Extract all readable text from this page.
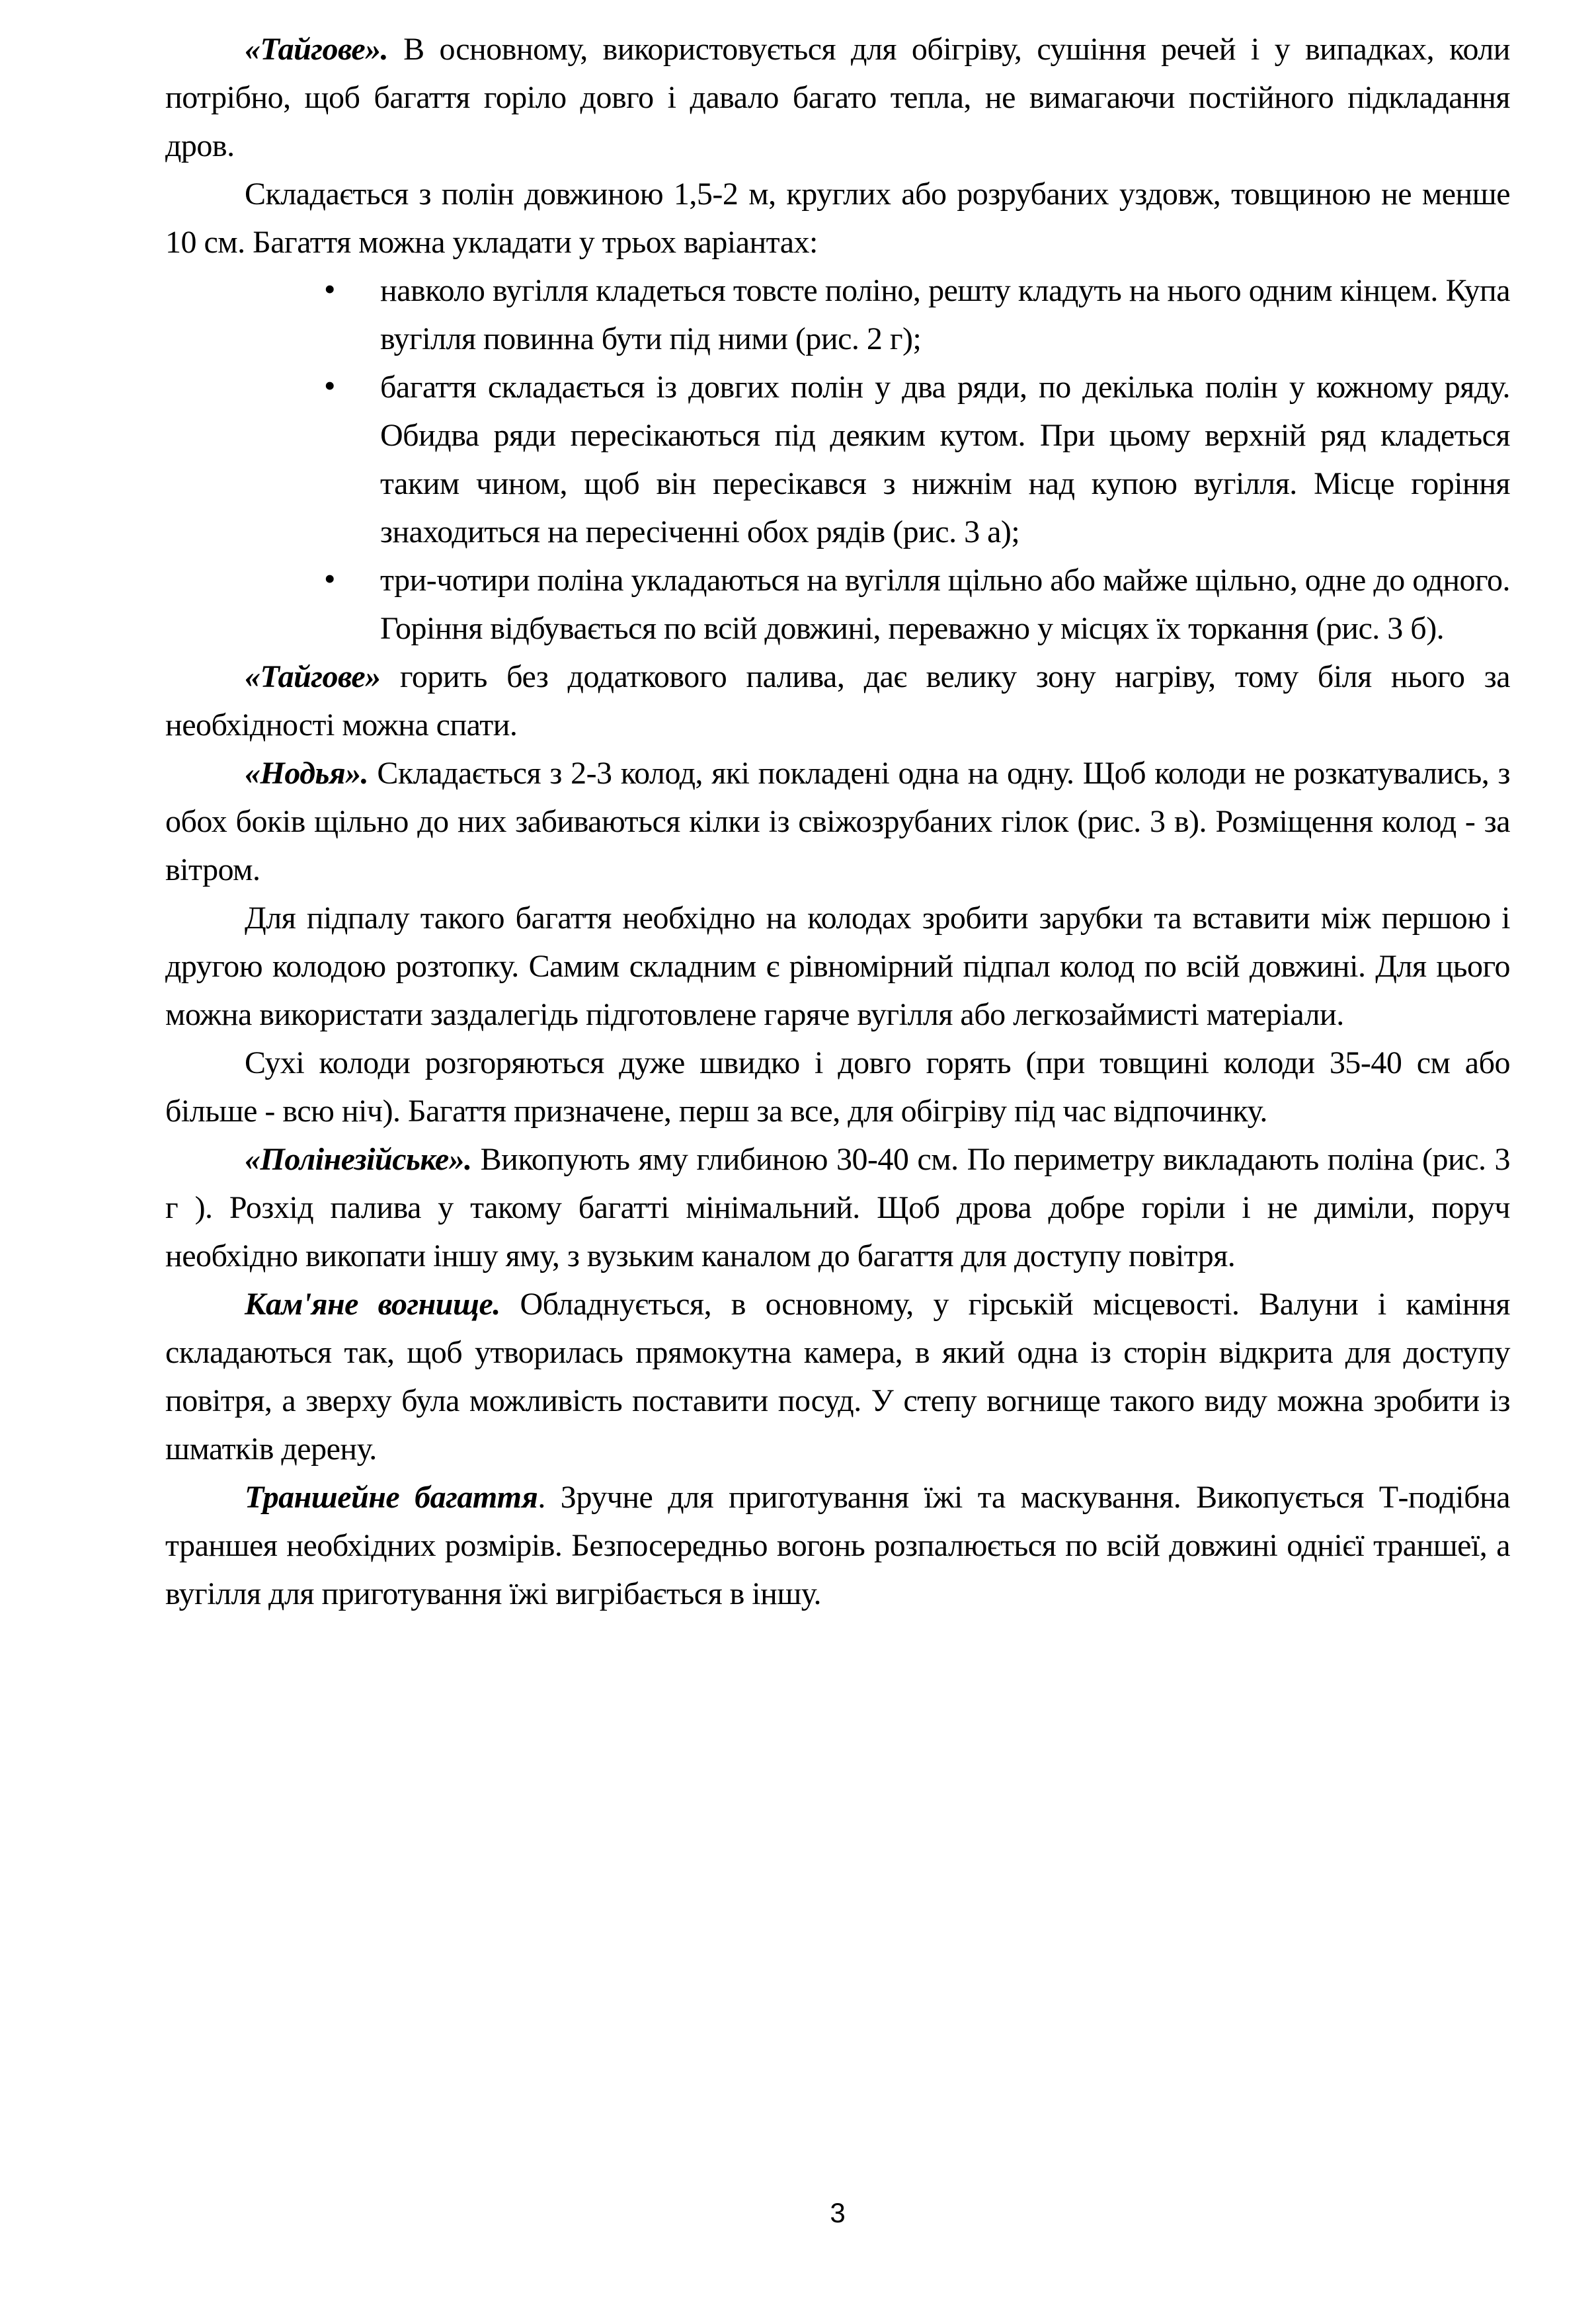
«Тайгове». В основному, використовується для обігріву, сушіння речей і у випадках, коли потрібно, щоб багаття горіло довго і давало багато тепла, не вимагаючи постійного підкладання дров.

Складається з полін довжиною 1,5-2 м, круглих або розрубаних уздовж, товщиною не менше 10 см. Багаття можна укладати у трьох варіантах:

• навколо вугілля кладеться товсте поліно, решту кладуть на нього одним кінцем. Купа вугілля повинна бути під ними (рис. 2 г);
• багаття складається із довгих полін у два ряди, по декілька полін у кожному ряду. Обидва ряди пересікаються під деяким кутом. При цьому верхній ряд кладеться таким чином, щоб він пересікався з нижнім над купою вугілля. Місце горіння знаходиться на пересіченні обох рядів (рис. 3 а);
• три-чотири поліна укладаються на вугілля щільно або майже щільно, одне до одного. Горіння відбувається по всій довжині, переважно у місцях їх торкання (рис. 3 б).

«Тайгове» горить без додаткового палива, дає велику зону нагріву, тому біля нього за необхідності можна спати.

«Нодья». Складається з 2-3 колод, які покладені одна на одну. Щоб колоди не розкатувались, з обох боків щільно до них забиваються кілки із свіжозрубаних гілок (рис. 3 в). Розміщення колод - за вітром.

Для підпалу такого багаття необхідно на колодах зробити зарубки та вставити між першою і другою колодою розтопку. Самим складним є рівномірний підпал колод по всій довжині. Для цього можна використати заздалегідь підготовлене гаряче вугілля або легкозаймисті матеріали.

Сухі колоди розгоряються дуже швидко і довго горять (при товщині колоди 35-40 см або більше - всю ніч). Багаття призначене, перш за все, для обігріву під час відпочинку.

«Полінезійське». Викопують яму глибиною 30-40 см. По периметру викладають поліна (рис. 3 г ). Розхід палива у такому багатті мінімальний. Щоб дрова добре горіли і не диміли, поруч необхідно викопати іншу яму, з вузьким каналом до багаття для доступу повітря.

Кам'яне вогнище. Обладнується, в основному, у гірській місцевості. Валуни і каміння складаються так, щоб утворилась прямокутна камера, в який одна із сторін відкрита для доступу повітря, а зверху була можливість поставити посуд. У степу вогнище такого виду можна зробити із шматків дерену.

Траншейне багаття. Зручне для приготування їжі та маскування. Викопується Т-подібна траншея необхідних розмірів. Безпосередньо вогонь розпалюється по всій довжині однієї траншеї, а вугілля для приготування їжі вигрібається в іншу.

3
